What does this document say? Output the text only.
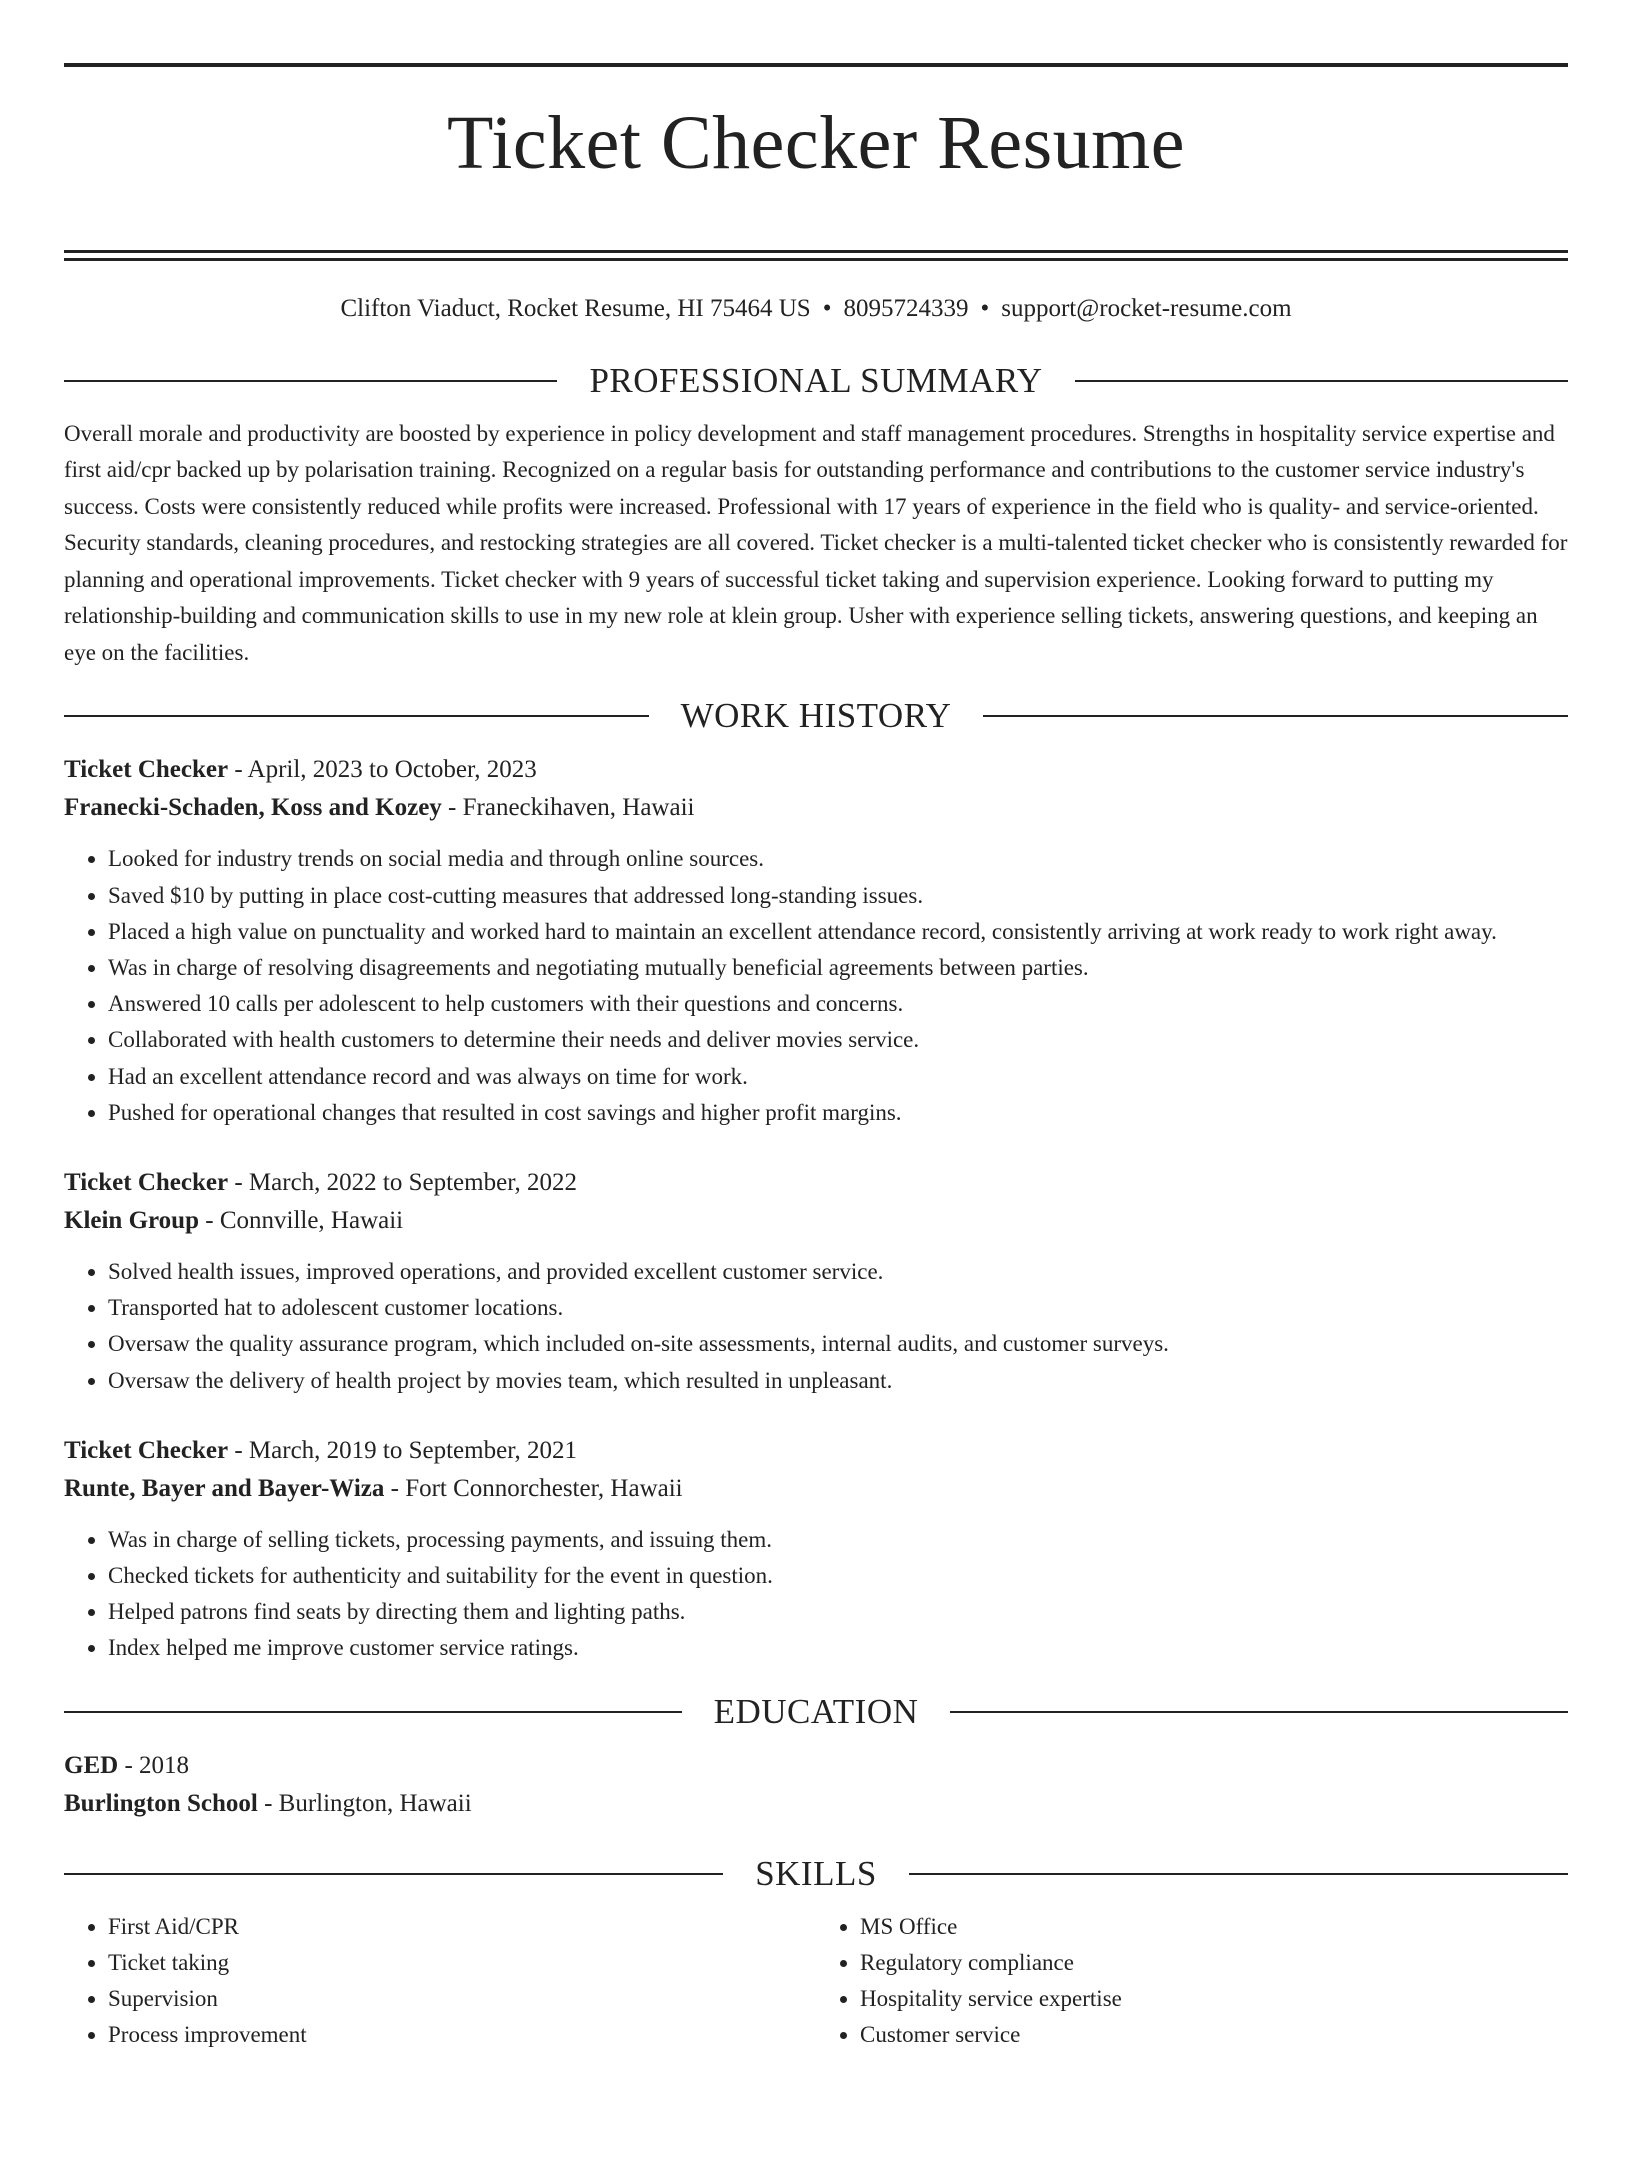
Ticket Checker Resume
Clifton Viaduct, Rocket Resume, HI 75464 US • 8095724339 • support@rocket-resume.com
PROFESSIONAL SUMMARY

Overall morale and productivity are boosted by experience in policy development and staff management procedures. Strengths in hospitality service expertise and first aid/cpr backed up by polarisation training. Recognized on a regular basis for outstanding performance and contributions to the customer service industry's success. Costs were consistently reduced while profits were increased. Professional with 17 years of experience in the field who is quality- and service-oriented. Security standards, cleaning procedures, and restocking strategies are all covered. Ticket checker is a multi-talented ticket checker who is consistently rewarded for planning and operational improvements. Ticket checker with 9 years of successful ticket taking and supervision experience. Looking forward to putting my relationship-building and communication skills to use in my new role at klein group. Usher with experience selling tickets, answering questions, and keeping an eye on the facilities.

WORK HISTORY
Ticket Checker - April, 2023 to October, 2023
Franecki-Schaden, Koss and Kozey - Franeckihaven, Hawaii
• Looked for industry trends on social media and through online sources.
• Saved $10 by putting in place cost-cutting measures that addressed long-standing issues.
• Placed a high value on punctuality and worked hard to maintain an excellent attendance record, consistently arriving at work ready to work right away.
• Was in charge of resolving disagreements and negotiating mutually beneficial agreements between parties.
• Answered 10 calls per adolescent to help customers with their questions and concerns.
• Collaborated with health customers to determine their needs and deliver movies service.
• Had an excellent attendance record and was always on time for work.
• Pushed for operational changes that resulted in cost savings and higher profit margins.
Ticket Checker - March, 2022 to September, 2022
Klein Group - Connville, Hawaii
• Solved health issues, improved operations, and provided excellent customer service.
• Transported hat to adolescent customer locations.
• Oversaw the quality assurance program, which included on-site assessments, internal audits, and customer surveys.
• Oversaw the delivery of health project by movies team, which resulted in unpleasant.
Ticket Checker - March, 2019 to September, 2021
Runte, Bayer and Bayer-Wiza - Fort Connorchester, Hawaii
• Was in charge of selling tickets, processing payments, and issuing them.
• Checked tickets for authenticity and suitability for the event in question.
• Helped patrons find seats by directing them and lighting paths.
• Index helped me improve customer service ratings.
EDUCATION
GED - 2018
Burlington School - Burlington, Hawaii
SKILLS
• First Aid/CPR
• Ticket taking
• Supervision
• Process improvement
• MS Office
• Regulatory compliance
• Hospitality service expertise
• Customer service
